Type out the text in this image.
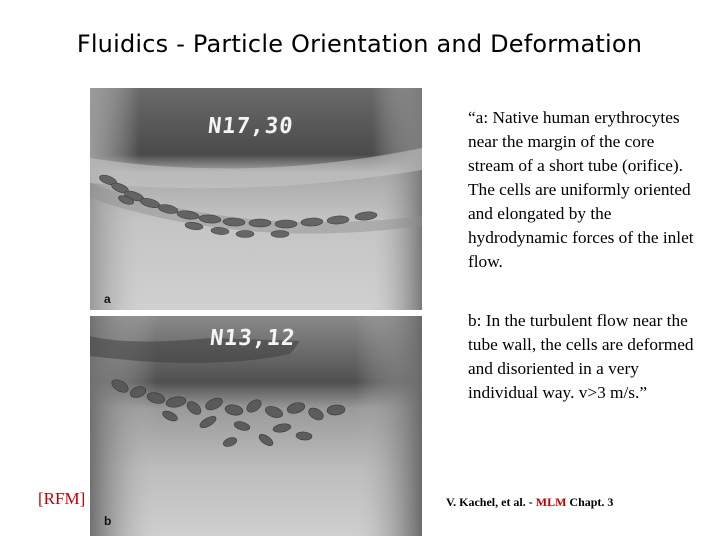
Fluidics - Particle Orientation and Deformation
N17,30
a
N13,12
b
“a: Native human erythrocytes near the margin of the core stream of a short tube (orifice). The cells are uniformly oriented and elongated by the hydrodynamic forces of the inlet flow.
b: In the turbulent flow near the tube wall, the cells are deformed and disoriented in a very individual way. v>3 m/s.”
[RFM]	V. Kachel, et al. - MLM Chapt. 3
